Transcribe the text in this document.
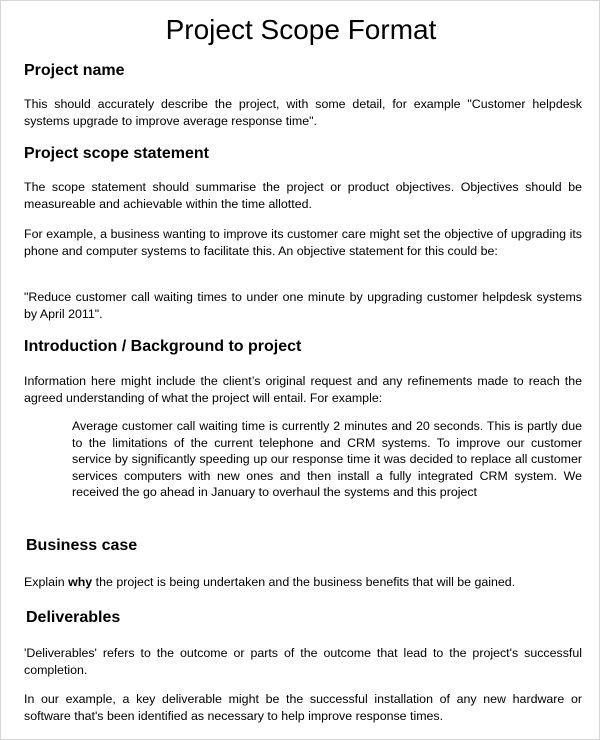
Project Scope Format
Project name
This should accurately describe the project, with some detail, for example "Customer helpdesk systems upgrade to improve average response time".
Project scope statement
The scope statement should summarise the project or product objectives. Objectives should be measureable and achievable within the time allotted.
For example, a business wanting to improve its customer care might set the objective of upgrading its phone and computer systems to facilitate this. An objective statement for this could be:
"Reduce customer call waiting times to under one minute by upgrading customer helpdesk systems by April 2011".
Introduction / Background to project
Information here might include the client’s original request and any refinements made to reach the agreed understanding of what the project will entail. For example:
Average customer call waiting time is currently 2 minutes and 20 seconds. This is partly due to the limitations of the current telephone and CRM systems. To improve our customer service by significantly speeding up our response time it was decided to replace all customer services computers with new ones and then install a fully integrated CRM system. We received the go ahead in January to overhaul the systems and this project
Business case
Explain why the project is being undertaken and the business benefits that will be gained.
Deliverables
'Deliverables' refers to the outcome or parts of the outcome that lead to the project's successful completion.
In our example, a key deliverable might be the successful installation of any new hardware or software that's been identified as necessary to help improve response times.
